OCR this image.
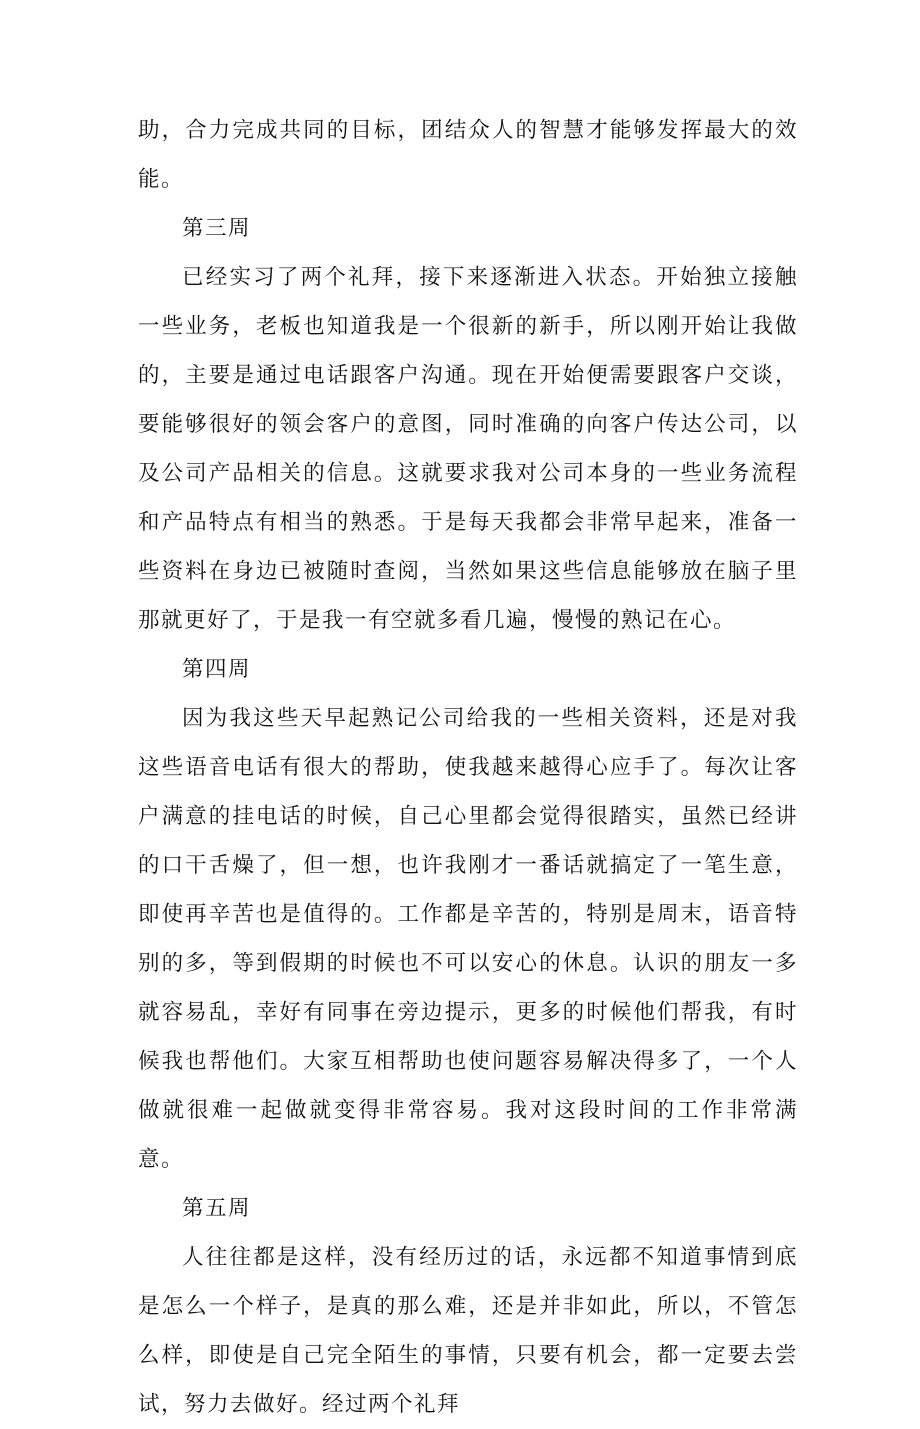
助，合力完成共同的目标，团结众人的智慧才能够发挥最大的效能。

第三周

已经实习了两个礼拜，接下来逐渐进入状态。开始独立接触一些业务，老板也知道我是一个很新的新手，所以刚开始让我做的，主要是通过电话跟客户沟通。现在开始便需要跟客户交谈，要能够很好的领会客户的意图，同时准确的向客户传达公司，以及公司产品相关的信息。这就要求我对公司本身的一些业务流程和产品特点有相当的熟悉。于是每天我都会非常早起来，准备一些资料在身边已被随时查阅，当然如果这些信息能够放在脑子里那就更好了，于是我一有空就多看几遍，慢慢的熟记在心。

第四周

因为我这些天早起熟记公司给我的一些相关资料，还是对我这些语音电话有很大的帮助，使我越来越得心应手了。每次让客户满意的挂电话的时候，自己心里都会觉得很踏实，虽然已经讲的口干舌燥了，但一想，也许我刚才一番话就搞定了一笔生意，即使再辛苦也是值得的。工作都是辛苦的，特别是周末，语音特别的多，等到假期的时候也不可以安心的休息。认识的朋友一多就容易乱，幸好有同事在旁边提示，更多的时候他们帮我，有时候我也帮他们。大家互相帮助也使问题容易解决得多了，一个人做就很难一起做就变得非常容易。我对这段时间的工作非常满意。

第五周

人往往都是这样，没有经历过的话，永远都不知道事情到底是怎么一个样子，是真的那么难，还是并非如此，所以，不管怎么样，即使是自己完全陌生的事情，只要有机会，都一定要去尝试，努力去做好。经过两个礼拜
